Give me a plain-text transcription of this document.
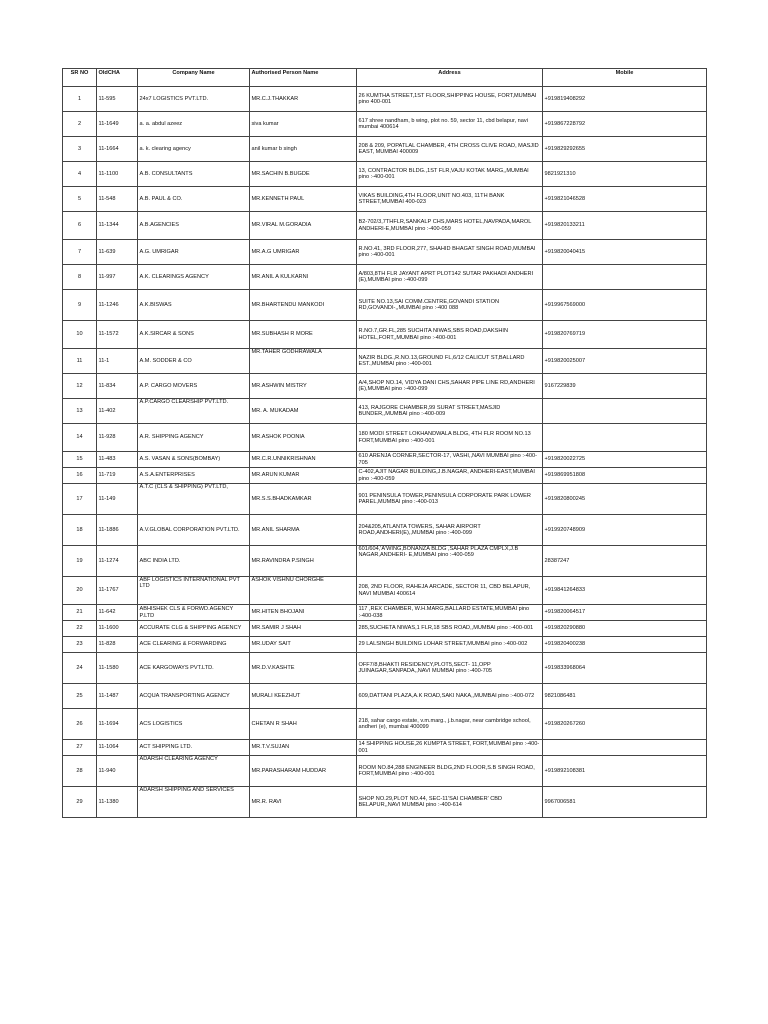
SR NO	OldCHA	Company Name	Authorised Person Name	Address	Mobile
1	11-595	24x7 LOGISTICS PVT.LTD.	MR.C.J.THAKKAR	26 KUMTHA STREET,1ST FLOOR,SHIPPING HOUSE, FORT,MUMBAI pino 400-001	+919819408292
2	11-1649	a. a. abdul azeez	siva kumar	617 shree nandham, b wing, plot no. 59, sector 11, cbd belapur, navi mumbai 400614	+919867228792
3	11-1664	a. k. clearing agency	anil kumar b singh	208 & 209, POPATLAL CHAMBER, 4TH CROSS CLIVE ROAD, MASJID EAST, MUMBAI 400009	+919829292655
4	11-1100	A.B. CONSULTANTS	MR.SACHIN B.BUGDE	13, CONTRACTOR BLDG.,1ST FLR,VAJU KOTAK MARG,,MUMBAI pino :-400-001	9821921310
5	11-548	A.B. PAUL & CO.	MR.KENNETH PAUL	VIKAS BUILDING,4TH FLOOR,UNIT NO.403, 11TH BANK STREET,MUMBAI 400-023	+919821046528
6	11-1344	A.B.AGENCIES	MR.VIRAL M.GORADIA	B2-702/3,7THFLR,SANKALP CHS,MARS HOTEL,NAVPADA,MAROL ANDHERI-E,MUMBAI pino :-400-059	+919820133211
7	11-639	A.G. UMRIGAR	MR.A.G UMRIGAR	R.NO.41, 3RD FLOOR,277, SHAHID BHAGAT SINGH ROAD,MUMBAI pino :-400-001	+919820040415
8	11-997	A.K. CLEARINGS AGENCY	MR.ANIL A KULKARNI	A/803,8TH FLR JAYANT APRT PLOT142 SUTAR PAKHADI ANDHERI (E),MUMBAI pino :-400-099	
9	11-1246	A.K.BISWAS	MR.BHARTENDU MANKODI	SUITE NO.13,SAI COMM.CENTRE,GOVANDI STATION RD,GOVANDI-,,MUMBAI pino :-400 088	+919967569000
10	11-1572	A.K.SIRCAR & SONS	MR.SUBHASH R MORE	R.NO.7,GR.FL,285 SUCHITA NIWAS,SBS ROAD,DAKSHIN HOTEL,FORT,,MUMBAI pino :-400-001	+919820769719
11	11-1	A.M. SODDER & CO	MR.TAHER GODHRAWALA	NAZIR BLDG.,R.NO.13,GROUND FL,6/12 CALICUT ST,BALLARD EST.,MUMBAI pino :-400-001	+919820025007
12	11-834	A.P. CARGO MOVERS	MR.ASHWIN MISTRY	A/4,SHOP NO.14, VIDYA DANI CHS,SAHAR PIPE LINE RD,ANDHERI (E),MUMBAI pino :-400-099	9167229839
13	11-402	A.P.CARGO CLEARSHIP PVT.LTD.	MR. A. MUKADAM	413, RAJGORE CHAMBER,99 SURAT STREET,MASJID BUNDER,,MUMBAI pino :-400-009	
14	11-928	A.R. SHIPPING AGENCY	MR.ASHOK POONIA	180 MODI STREET LOKHANDWALA BLDG, 4TH FLR ROOM NO.13 FORT,MUMBAI pino :-400-001	
15	11-483	A.S. VASAN & SONS(BOMBAY)	MR.C.R.UNNIKRISHNAN	610 ARENJA CORNER,SECTOR-17, VASHI,,NAVI MUMBAI pino :-400-705	+919820022725
16	11-719	A.S.A.ENTERPRISES	MR.ARUN KUMAR	C-402,AJIT NAGAR BUILDING,J.B.NAGAR, ANDHERI-EAST,MUMBAI pino :-400-059	+919869951808
17	11-149	A.T.C (CLS & SHIPPING) PVT.LTD,	MR.S.S.BHADKAMKAR	901 PENINSULA TOWER,PENINSULA CORPORATE PARK LOWER PAREL,MUMBAI pino :-400-013	+919820800245
18	11-1886	A.V.GLOBAL CORPORATION PVT.LTD.	MR.ANIL SHARMA	204&205,ATLANTA TOWERS, SAHAR AIRPORT ROAD,ANDHERI(E),,MUMBAI pino :-400-099	+919920748909
19	11-1274	ABC INDIA LTD.	MR.RAVINDRA P.SINGH	601/604,'A'WING,BONANZA BLDG ,SAHAR PLAZA CMPLX,J.B NAGAR,ANDHERI- E,MUMBAI pino :-400-059	28387247
20	11-1767	ABF LOGISTICS INTERNATIONAL PVT LTD	ASHOK VISHNU CHORGHE	208, 2ND FLOOR, RAHEJA ARCADE, SECTOR 11, CBD BELAPUR, NAVI MUMBAI 400614	+919841264833
21	11-642	ABHISHEK CLS & FORWD.AGENCY P.LTD	MR.HITEN BHOJANI	117 ,REX CHAMBER, W.H.MARG,BALLARD ESTATE,MUMBAI pino :-400-038	+919820064517
22	11-1600	ACCURATE CLG & SHIPPING AGENCY	MR.SAMIR J SHAH	285,SUCHETA NIWAS,1 FLR,18 SBS ROAD,,MUMBAI pino :-400-001	+919820290880
23	11-828	ACE CLEARING & FORWARDING	MR.UDAY SAIT	29 LALSINGH BUILDING LOHAR STREET,MUMBAI pino :-400-002	+919820400238
24	11-1580	ACE KARGOWAYS PVT.LTD.	MR.D.V.KASHTE	OFF7/8,BHAKTI RESIDENCY,PLOT5,SECT- 11,OPP JUINAGAR,SANPADA,,NAVI MUMBAI pino :-400-705	+919833968064
25	11-1487	ACQUA TRANSPORTING AGENCY	MURALI KEEZHUT	609,DATTANI PLAZA,A.K ROAD,SAKI NAKA,,MUMBAI pino :-400-072	9821086481
26	11-1694	ACS LOGISTICS	CHETAN R SHAH	218, sahar cargo estate, v.m.marg., j.b.nagar, near cambridge school, andheri (e), mumbai 400099	+919820267260
27	11-1064	ACT SHIPPING LTD.	MR.T.V.SUJAN	14 SHIPPING HOUSE,26 KUMPTA STREET, FORT,MUMBAI pino :-400-001	
28	11-940	ADARSH CLEARING AGENCY	MR.PARASHARAM HUDDAR	ROOM NO.84,288 ENGINEER BLDG,2ND FLOOR,S.B SINGH ROAD, FORT,MUMBAI pino :-400-001	+919892108381
29	11-1380	ADARSH SHIPPING AND SERVICES	MR.R. RAVI	SHOP NO.29,PLOT NO.44, SEC-11'SAI CHAMBER' CBD BELAPUR,,NAVI MUMBAI pino :-400-614	9967006581
